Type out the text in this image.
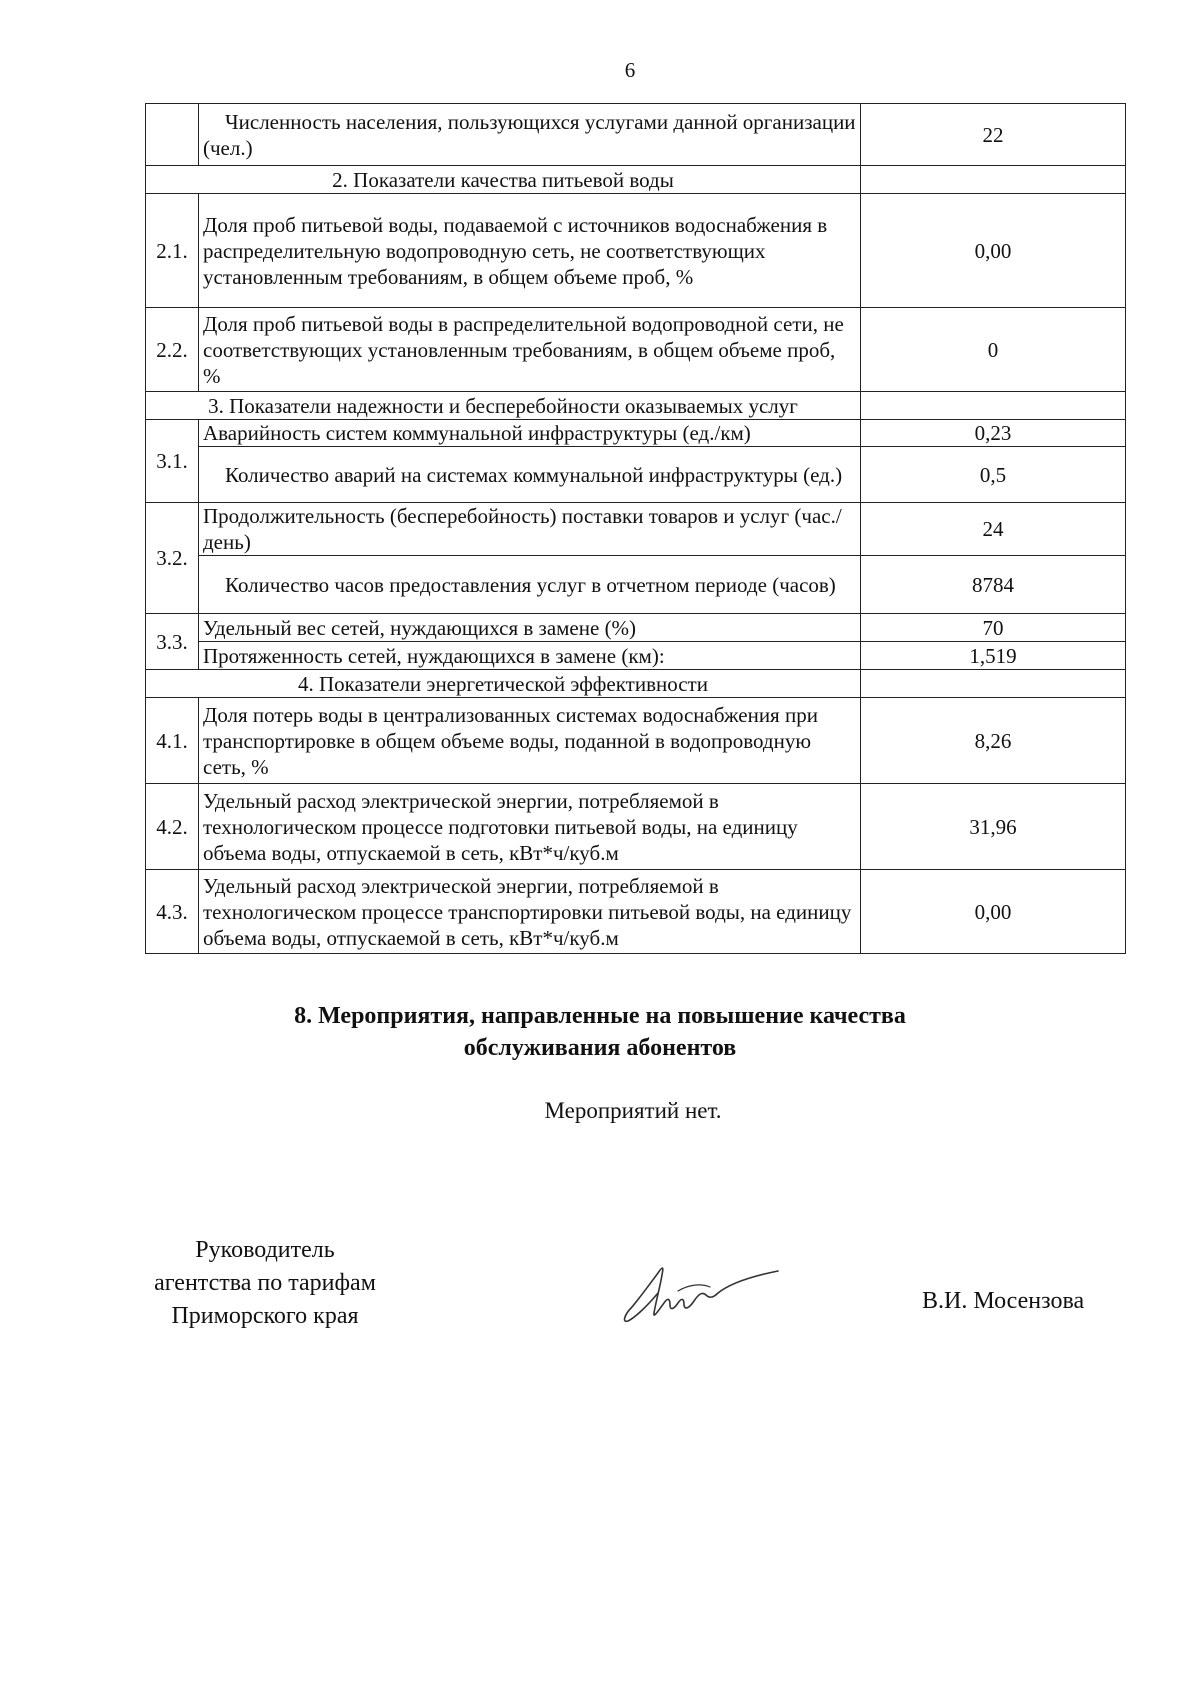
6
	Численность населения, пользующихся услугами данной организации (чел.)	22
2. Показатели качества питьевой воды		
2.1.	Доля проб питьевой воды, подаваемой с источников водоснабжения в распределительную водопроводную сеть, не соответствующих установленным требованиям, в общем объеме проб, %	0,00
2.2.	Доля проб питьевой воды в распределительной водопроводной сети, не соответствующих установленным требованиям, в общем объеме проб, %	0
3. Показатели надежности и бесперебойности оказываемых услуг		
3.1.	Аварийность систем коммунальной инфраструктуры (ед./км)	0,23
	Количество аварий на системах коммунальной инфраструктуры (ед.)	0,5
3.2.	Продолжительность (бесперебойность) поставки товаров и услуг (час./день)	24
	Количество часов предоставления услуг в отчетном периоде (часов)	8784
3.3.	Удельный вес сетей, нуждающихся в замене (%)	70
	Протяженность сетей, нуждающихся в замене (км):	1,519
4. Показатели энергетической эффективности		
4.1.	Доля потерь воды в централизованных системах водоснабжения при транспортировке в общем объеме воды, поданной в водопроводную сеть, %	8,26
4.2.	Удельный расход электрической энергии, потребляемой в технологическом процессе подготовки питьевой воды, на единицу объема воды, отпускаемой в сеть, кВт*ч/куб.м	31,96
4.3.	Удельный расход электрической энергии, потребляемой в технологическом процессе транспортировки питьевой воды, на единицу объема воды, отпускаемой в сеть, кВт*ч/куб.м	0,00
8. Мероприятия, направленные на повышение качества
обслуживания абонентов
Мероприятий нет.
Руководитель
агентства по тарифам
Приморского края
В.И. Мосензова
